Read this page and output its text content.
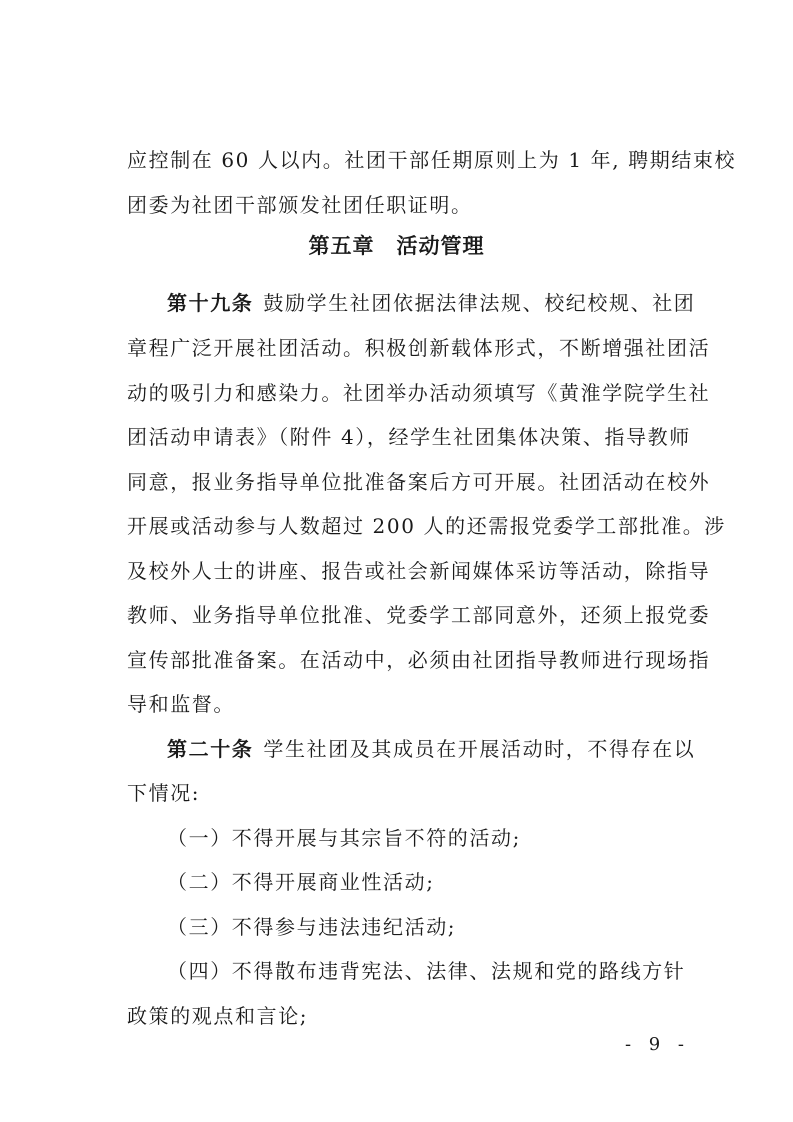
应控制在 60 人以内。社团干部任期原则上为 1 年, 聘期结束校
团委为社团干部颁发社团任职证明。
第五章　活动管理
第十九条 鼓励学生社团依据法律法规、校纪校规、社团
章程广泛开展社团活动。积极创新载体形式，不断增强社团活
动的吸引力和感染力。社团举办活动须填写《黄淮学院学生社
团活动申请表》（附件 4），经学生社团集体决策、指导教师
同意，报业务指导单位批准备案后方可开展。社团活动在校外
开展或活动参与人数超过 200 人的还需报党委学工部批准。涉
及校外人士的讲座、报告或社会新闻媒体采访等活动，除指导
教师、业务指导单位批准、党委学工部同意外，还须上报党委
宣传部批准备案。在活动中，必须由社团指导教师进行现场指
导和监督。
第二十条 学生社团及其成员在开展活动时，不得存在以
下情况:
（一）不得开展与其宗旨不符的活动;
（二）不得开展商业性活动;
（三）不得参与违法违纪活动;
（四）不得散布违背宪法、法律、法规和党的路线方针
政策的观点和言论;
- 9 -
